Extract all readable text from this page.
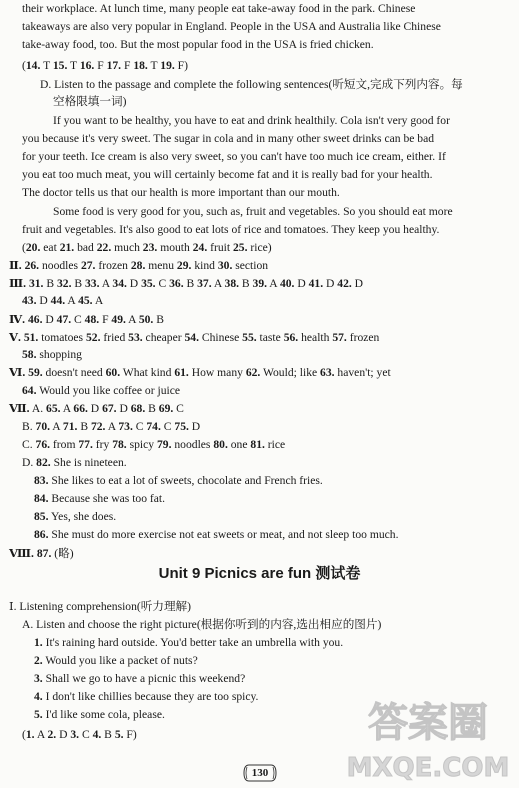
their workplace. At lunch time, many people eat take-away food in the park. Chinese
takeaways are also very popular in England. People in the USA and Australia like Chinese
take-away food, too. But the most popular food in the USA is fried chicken.
(14. T 15. T 16. F 17. F 18. T 19. F)
D. Listen to the passage and complete the following sentences(听短文,完成下列内容。每
空格限填一词)
If you want to be healthy, you have to eat and drink healthily. Cola isn't very good for
you because it's very sweet. The sugar in cola and in many other sweet drinks can be bad
for your teeth. Ice cream is also very sweet, so you can't have too much ice cream, either. If
you eat too much meat, you will certainly become fat and it is really bad for your health.
The doctor tells us that our health is more important than our mouth.
Some food is very good for you, such as, fruit and vegetables. So you should eat more
fruit and vegetables. It's also good to eat lots of rice and tomatoes. They keep you healthy.
(20. eat 21. bad 22. much 23. mouth 24. fruit 25. rice)
Ⅱ. 26. noodles 27. frozen 28. menu 29. kind 30. section
Ⅲ. 31. B 32. B 33. A 34. D 35. C 36. B 37. A 38. B 39. A 40. D 41. D 42. D
43. D 44. A 45. A
Ⅳ. 46. D 47. C 48. F 49. A 50. B
Ⅴ. 51. tomatoes 52. fried 53. cheaper 54. Chinese 55. taste 56. health 57. frozen
58. shopping
Ⅵ. 59. doesn't need 60. What kind 61. How many 62. Would; like 63. haven't; yet
64. Would you like coffee or juice
Ⅶ. A. 65. A 66. D 67. D 68. B 69. C
B. 70. A 71. B 72. A 73. C 74. C 75. D
C. 76. from 77. fry 78. spicy 79. noodles 80. one 81. rice
D. 82. She is nineteen.
83. She likes to eat a lot of sweets, chocolate and French fries.
84. Because she was too fat.
85. Yes, she does.
86. She must do more exercise not eat sweets or meat, and not sleep too much.
Ⅷ. 87. (略)
Ⅰ. Listening comprehension(听力理解)
A. Listen and choose the right picture(根据你听到的内容,选出相应的图片)
1. It's raining hard outside. You'd better take an umbrella with you.
2. Would you like a packet of nuts?
3. Shall we go to have a picnic this weekend?
4. I don't like chillies because they are too spicy.
5. I'd like some cola, please.
(1. A 2. D 3. C 4. B 5. F)
Unit 9 Picnics are fun 测试卷
130
答案圈
MXQE.COM
